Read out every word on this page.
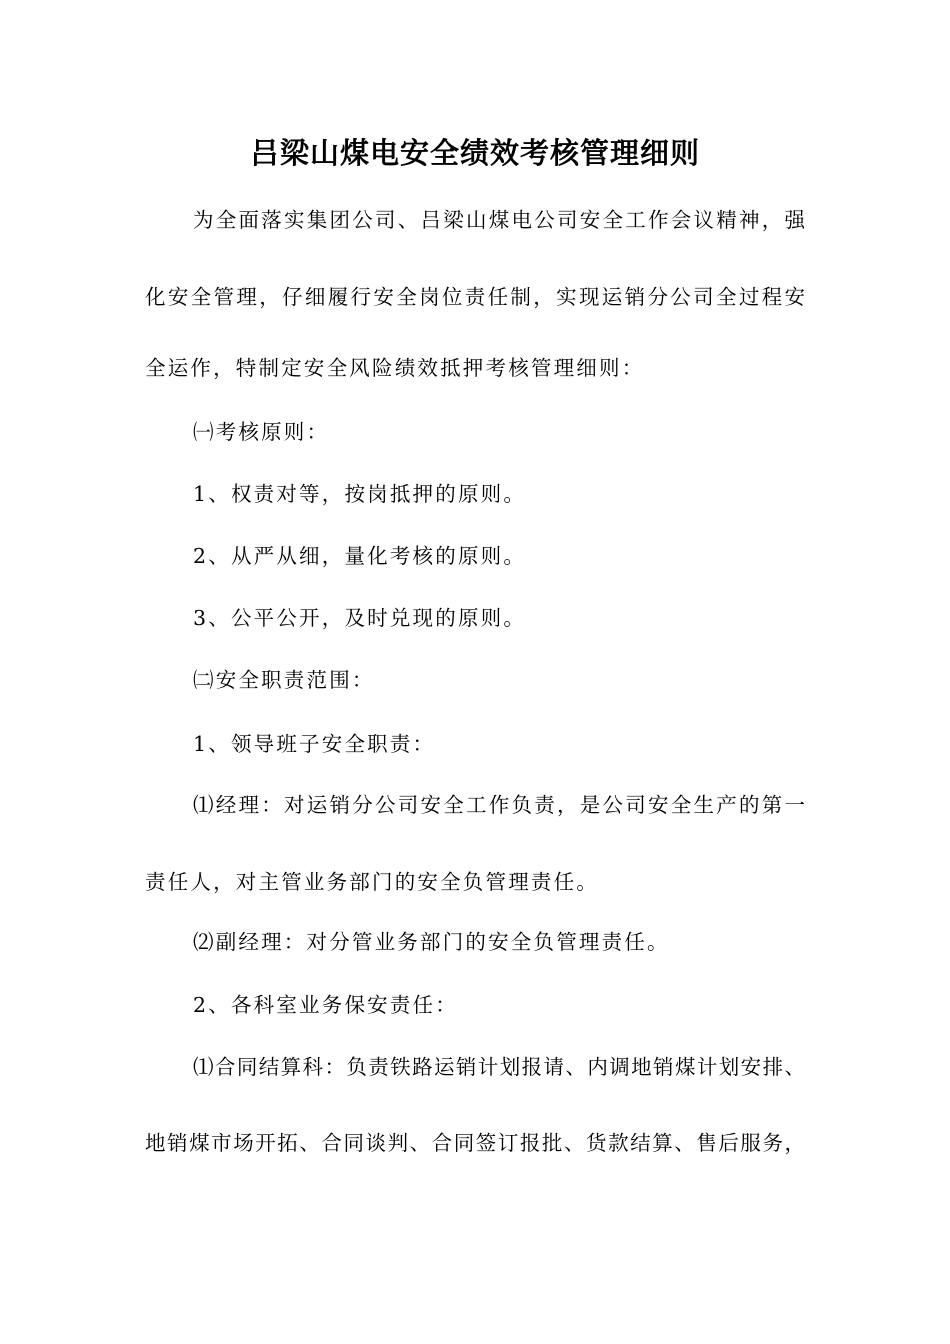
吕梁山煤电安全绩效考核管理细则
为全面落实集团公司、吕梁山煤电公司安全工作会议精神，强
化安全管理，仔细履行安全岗位责任制，实现运销分公司全过程安
全运作，特制定安全风险绩效抵押考核管理细则：
㈠考核原则：
1、权责对等，按岗抵押的原则。
2、从严从细，量化考核的原则。
3、公平公开，及时兑现的原则。
㈡安全职责范围：
1、领导班子安全职责：
⑴经理：对运销分公司安全工作负责，是公司安全生产的第一
责任人，对主管业务部门的安全负管理责任。
⑵副经理：对分管业务部门的安全负管理责任。
2、各科室业务保安责任：
⑴合同结算科：负责铁路运销计划报请、内调地销煤计划安排、
地销煤市场开拓、合同谈判、合同签订报批、货款结算、售后服务，
